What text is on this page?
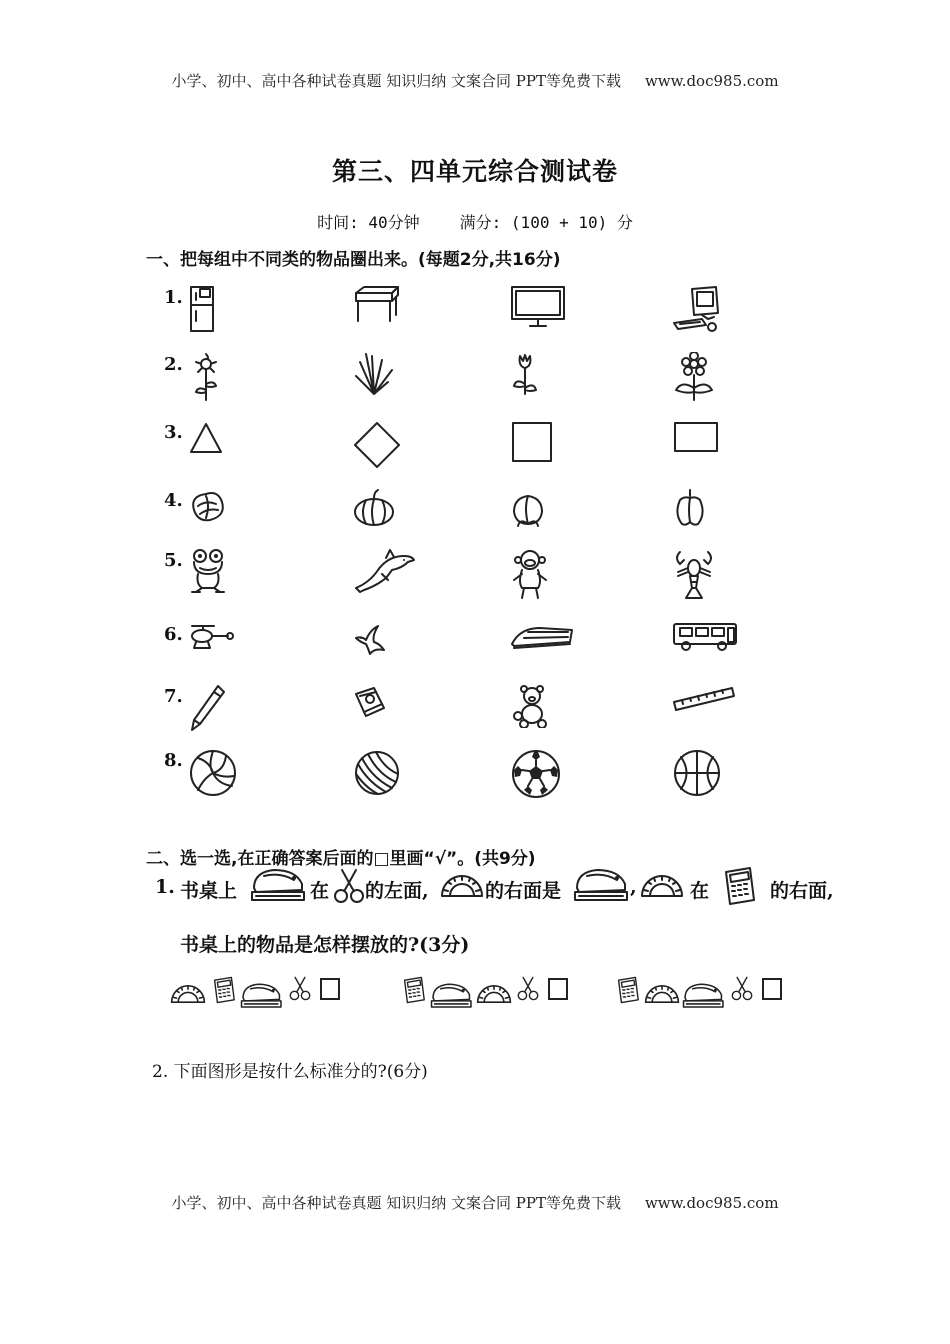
小学、初中、高中各种试卷真题 知识归纳 文案合同 PPT等免费下载 www.doc985.com
第三、四单元综合测试卷
时间: 40分钟	满分: (100 + 10) 分
一、把每组中不同类的物品圈出来。(每题2分,共16分)
二、选一选,在正确答案后面的□里画“√”。(共9分)
1. 书桌上	在 的左面,	的右面是	,	在	的右面,
书桌上的物品是怎样摆放的?(3分)
2. 下面图形是按什么标准分的?(6分)
小学、初中、高中各种试卷真题 知识归纳 文案合同 PPT等免费下载 www.doc985.com
1.
2.
3.
4.
5.
6.
7.
8.
